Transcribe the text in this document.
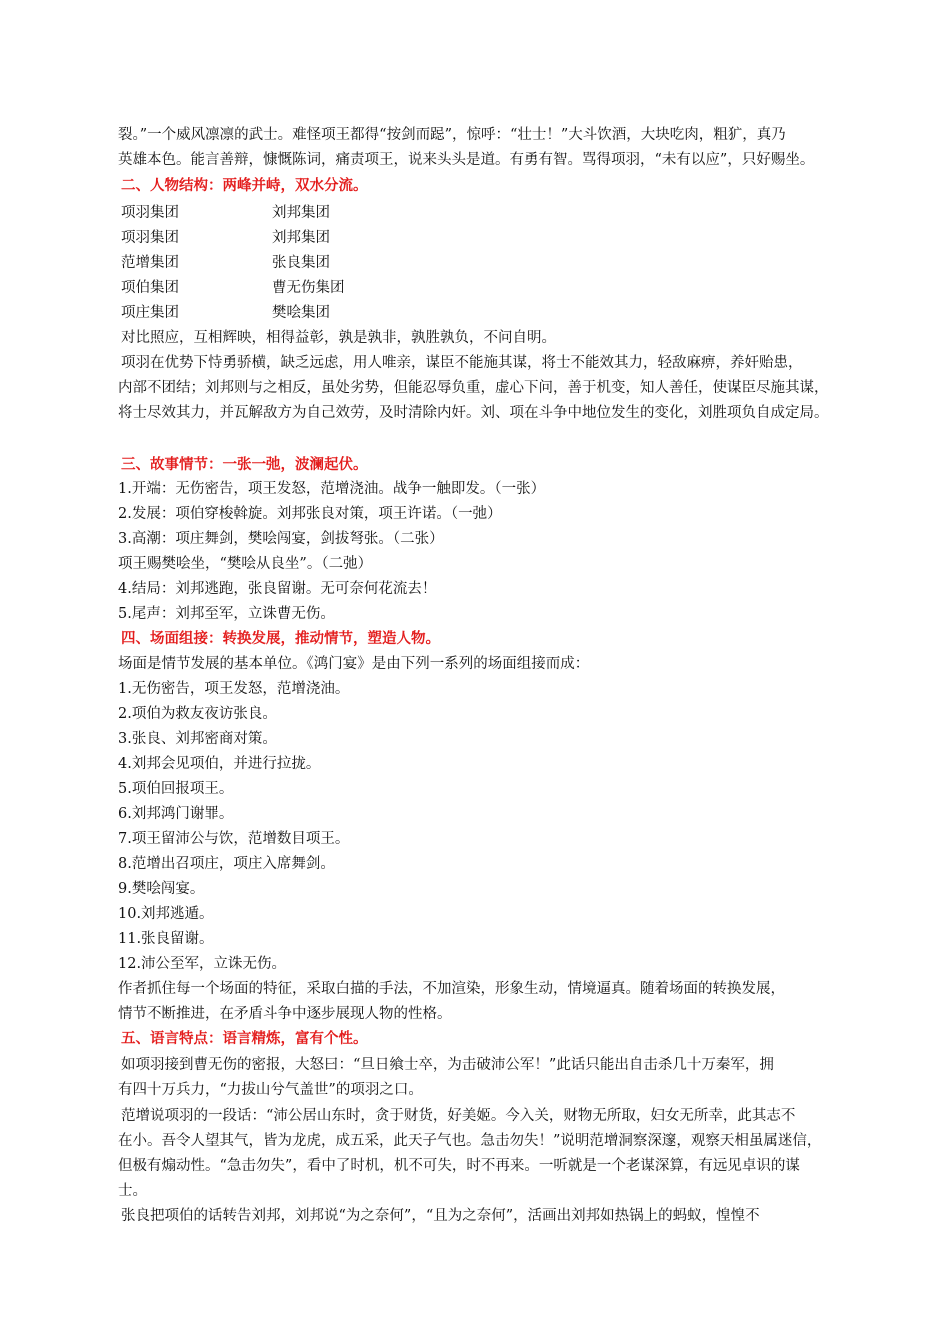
裂。”一个威风凛凛的武士。难怪项王都得“按剑而跽”，惊呼：“壮士！”大斗饮酒，大块吃肉，粗犷，真乃
英雄本色。能言善辩，慷慨陈词，痛责项王，说来头头是道。有勇有智。骂得项羽，“未有以应”，只好赐坐。
二、人物结构：两峰并峙，双水分流。
项羽集团	刘邦集团
项羽集团	刘邦集团
范增集团	张良集团
项伯集团	曹无伤集团
项庄集团	樊哙集团
对比照应，互相辉映，相得益彰，孰是孰非，孰胜孰负，不问自明。
项羽在优势下恃勇骄横，缺乏远虑，用人唯亲，谋臣不能施其谋，将士不能效其力，轻敌麻痹，养奸贻患，
内部不团结；刘邦则与之相反，虽处劣势，但能忍辱负重，虚心下问，善于机变，知人善任，使谋臣尽施其谋，
将士尽效其力，并瓦解敌方为自己效劳，及时清除内奸。刘、项在斗争中地位发生的变化，刘胜项负自成定局。
三、故事情节：一张一弛，波澜起伏。
1.开端：无伤密告，项王发怒，范增浇油。战争一触即发。（一张）
2.发展：项伯穿梭斡旋。刘邦张良对策，项王许诺。（一弛）
3.高潮：项庄舞剑，樊哙闯宴，剑拔弩张。（二张）
项王赐樊哙坐，“樊哙从良坐”。（二弛）
4.结局：刘邦逃跑，张良留谢。无可奈何花流去！
5.尾声：刘邦至军，立诛曹无伤。
四、场面组接：转换发展，推动情节，塑造人物。
场面是情节发展的基本单位。《鸿门宴》是由下列一系列的场面组接而成：
1.无伤密告，项王发怒，范增浇油。
2.项伯为救友夜访张良。
3.张良、刘邦密商对策。
4.刘邦会见项伯，并进行拉拢。
5.项伯回报项王。
6.刘邦鸿门谢罪。
7.项王留沛公与饮，范增数目项王。
8.范增出召项庄，项庄入席舞剑。
9.樊哙闯宴。
10.刘邦逃遁。
11.张良留谢。
12.沛公至军，立诛无伤。
作者抓住每一个场面的特征，采取白描的手法，不加渲染，形象生动，情境逼真。随着场面的转换发展，
情节不断推进，在矛盾斗争中逐步展现人物的性格。
五、语言特点：语言精炼，富有个性。
如项羽接到曹无伤的密报，大怒曰：“旦日飨士卒，为击破沛公军！”此话只能出自击杀几十万秦军，拥
有四十万兵力，“力拔山兮气盖世”的项羽之口。
范增说项羽的一段话：“沛公居山东时，贪于财货，好美姬。今入关，财物无所取，妇女无所幸，此其志不
在小。吾令人望其气，皆为龙虎，成五采，此天子气也。急击勿失！”说明范增洞察深邃，观察天相虽属迷信，
但极有煽动性。“急击勿失”，看中了时机，机不可失，时不再来。一听就是一个老谋深算，有远见卓识的谋
士。
张良把项伯的话转告刘邦，刘邦说“为之奈何”，“且为之奈何”，活画出刘邦如热锅上的蚂蚁，惶惶不
